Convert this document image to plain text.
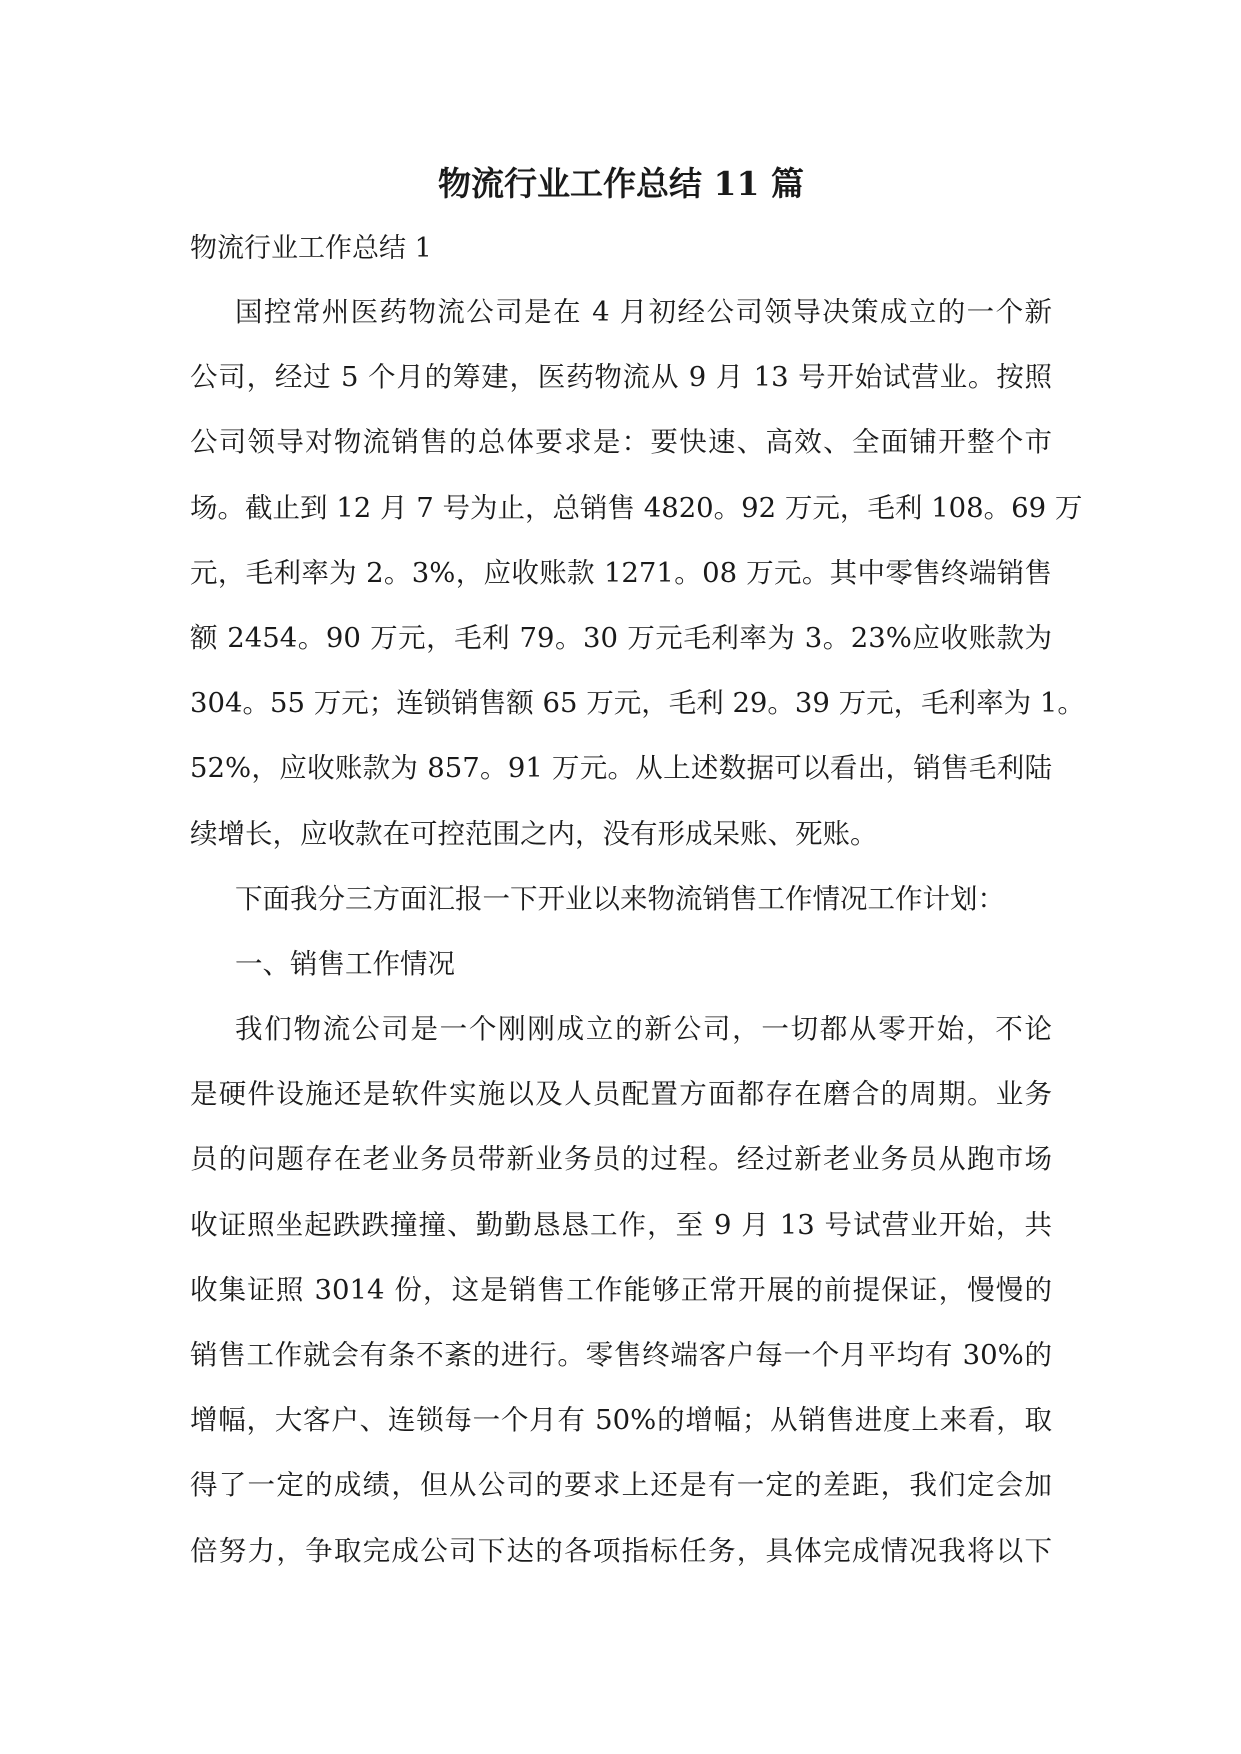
物流行业工作总结 11 篇

物流行业工作总结 1

国控常州医药物流公司是在 4 月初经公司领导决策成立的一个新
公司，经过 5 个月的筹建，医药物流从 9 月 13 号开始试营业。按照
公司领导对物流销售的总体要求是：要快速、高效、全面铺开整个市
场。截止到 12 月 7 号为止，总销售 4820。92 万元，毛利 108。69 万
元，毛利率为 2。3%，应收账款 1271。08 万元。其中零售终端销售
额 2454。90 万元，毛利 79。30 万元毛利率为 3。23%应收账款为
304。55 万元；连锁销售额 65 万元，毛利 29。39 万元，毛利率为 1。
52%，应收账款为 857。91 万元。从上述数据可以看出，销售毛利陆
续增长，应收款在可控范围之内，没有形成呆账、死账。
下面我分三方面汇报一下开业以来物流销售工作情况工作计划：
一、销售工作情况
我们物流公司是一个刚刚成立的新公司，一切都从零开始，不论
是硬件设施还是软件实施以及人员配置方面都存在磨合的周期。业务
员的问题存在老业务员带新业务员的过程。经过新老业务员从跑市场
收证照坐起跌跌撞撞、勤勤恳恳工作，至 9 月 13 号试营业开始，共
收集证照 3014 份，这是销售工作能够正常开展的前提保证，慢慢的
销售工作就会有条不紊的进行。零售终端客户每一个月平均有 30%的
增幅，大客户、连锁每一个月有 50%的增幅；从销售进度上来看，取
得了一定的成绩，但从公司的要求上还是有一定的差距，我们定会加
倍努力，争取完成公司下达的各项指标任务，具体完成情况我将以下
